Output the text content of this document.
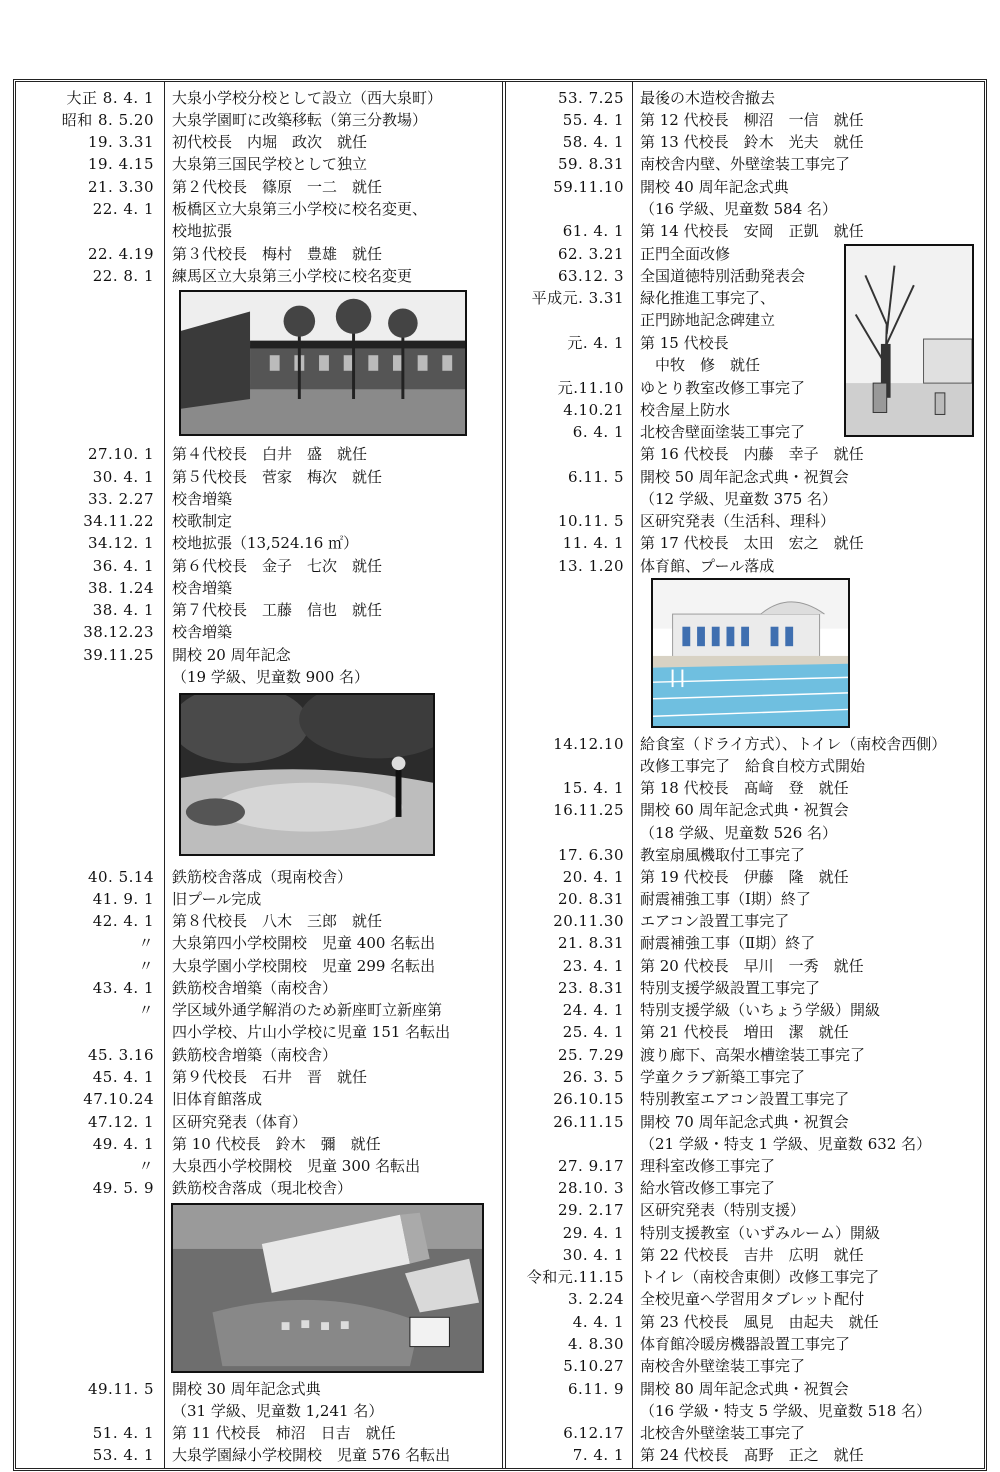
大正 8. 4. 1 大泉小学校分校として設立（西大泉町）
昭和 8. 5.20 大泉学園町に改築移転（第三分教場）
19. 3.31 初代校長　内堀　政次　就任
19. 4.15 大泉第三国民学校として独立
21. 3.30 第２代校長　篠原　一二　就任
22. 4. 1 板橋区立大泉第三小学校に校名変更、
校地拡張
22. 4.19 第３代校長　梅村　豊雄　就任
22. 8. 1 練馬区立大泉第三小学校に校名変更
27.10. 1 第４代校長　白井　盛　就任
30. 4. 1 第５代校長　菅家　梅次　就任
33. 2.27 校舎増築
34.11.22 校歌制定
34.12. 1 校地拡張（13,524.16 ㎡）
36. 4. 1 第６代校長　金子　七次　就任
38. 1.24 校舎増築
38. 4. 1 第７代校長　工藤　信也　就任
38.12.23 校舎増築
39.11.25 開校 20 周年記念
（19 学級、児童数 900 名）
40. 5.14 鉄筋校舎落成（現南校舎）
41. 9. 1 旧プール完成
42. 4. 1 第８代校長　八木　三郎　就任
〃 大泉第四小学校開校　児童 400 名転出
〃 大泉学園小学校開校　児童 299 名転出
43. 4. 1 鉄筋校舎増築（南校舎）
〃 学区域外通学解消のため新座町立新座第
四小学校、片山小学校に児童 151 名転出
45. 3.16 鉄筋校舎増築（南校舎）
45. 4. 1 第９代校長　石井　晋　就任
47.10.24 旧体育館落成
47.12. 1 区研究発表（体育）
49. 4. 1 第 10 代校長　鈴木　彌　就任
〃 大泉西小学校開校　児童 300 名転出
49. 5. 9 鉄筋校舎落成（現北校舎）
49.11. 5 開校 30 周年記念式典
（31 学級、児童数 1,241 名）
51. 4. 1 第 11 代校長　柿沼　日吉　就任
53. 4. 1 大泉学園緑小学校開校　児童 576 名転出
53. 7.25 最後の木造校舎撤去
55. 4. 1 第 12 代校長　柳沼　一信　就任
58. 4. 1 第 13 代校長　鈴木　光夫　就任
59. 8.31 南校舎内壁、外壁塗装工事完了
59.11.10 開校 40 周年記念式典
（16 学級、児童数 584 名）
61. 4. 1 第 14 代校長　安岡　正凱　就任
62. 3.21 正門全面改修
63.12. 3 全国道徳特別活動発表会
平成元. 3.31 緑化推進工事完了、
正門跡地記念碑建立
元. 4. 1 第 15 代校長
　中牧　修　就任
元.11.10 ゆとり教室改修工事完了
4.10.21 校舎屋上防水
6. 4. 1 北校舎壁面塗装工事完了
第 16 代校長　内藤　幸子　就任
6.11. 5 開校 50 周年記念式典・祝賀会
（12 学級、児童数 375 名）
10.11. 5 区研究発表（生活科、理科）
11. 4. 1 第 17 代校長　太田　宏之　就任
13. 1.20 体育館、プール落成
14.12.10 給食室（ドライ方式）、トイレ（南校舎西側）
改修工事完了　給食自校方式開始
15. 4. 1 第 18 代校長　髙﨑　登　就任
16.11.25 開校 60 周年記念式典・祝賀会
（18 学級、児童数 526 名）
17. 6.30 教室扇風機取付工事完了
20. 4. 1 第 19 代校長　伊藤　隆　就任
20. 8.31 耐震補強工事（Ⅰ期）終了
20.11.30 エアコン設置工事完了
21. 8.31 耐震補強工事（Ⅱ期）終了
23. 4. 1 第 20 代校長　早川　一秀　就任
23. 8.31 特別支援学級設置工事完了
24. 4. 1 特別支援学級（いちょう学級）開級
25. 4. 1 第 21 代校長　増田　潔　就任
25. 7.29 渡り廊下、高架水槽塗装工事完了
26. 3. 5 学童クラブ新築工事完了
26.10.15 特別教室エアコン設置工事完了
26.11.15 開校 70 周年記念式典・祝賀会
（21 学級・特支 1 学級、児童数 632 名）
27. 9.17 理科室改修工事完了
28.10. 3 給水管改修工事完了
29. 2.17 区研究発表（特別支援）
29. 4. 1 特別支援教室（いずみルーム）開級
30. 4. 1 第 22 代校長　吉井　広明　就任
令和元.11.15 トイレ（南校舎東側）改修工事完了
3. 2.24 全校児童へ学習用タブレット配付
4. 4. 1 第 23 代校長　風見　由起夫　就任
4. 8.30 体育館冷暖房機器設置工事完了
5.10.27 南校舎外壁塗装工事完了
6.11. 9 開校 80 周年記念式典・祝賀会
（16 学級・特支 5 学級、児童数 518 名）
6.12.17 北校舎外壁塗装工事完了
7. 4. 1 第 24 代校長　髙野　正之　就任
